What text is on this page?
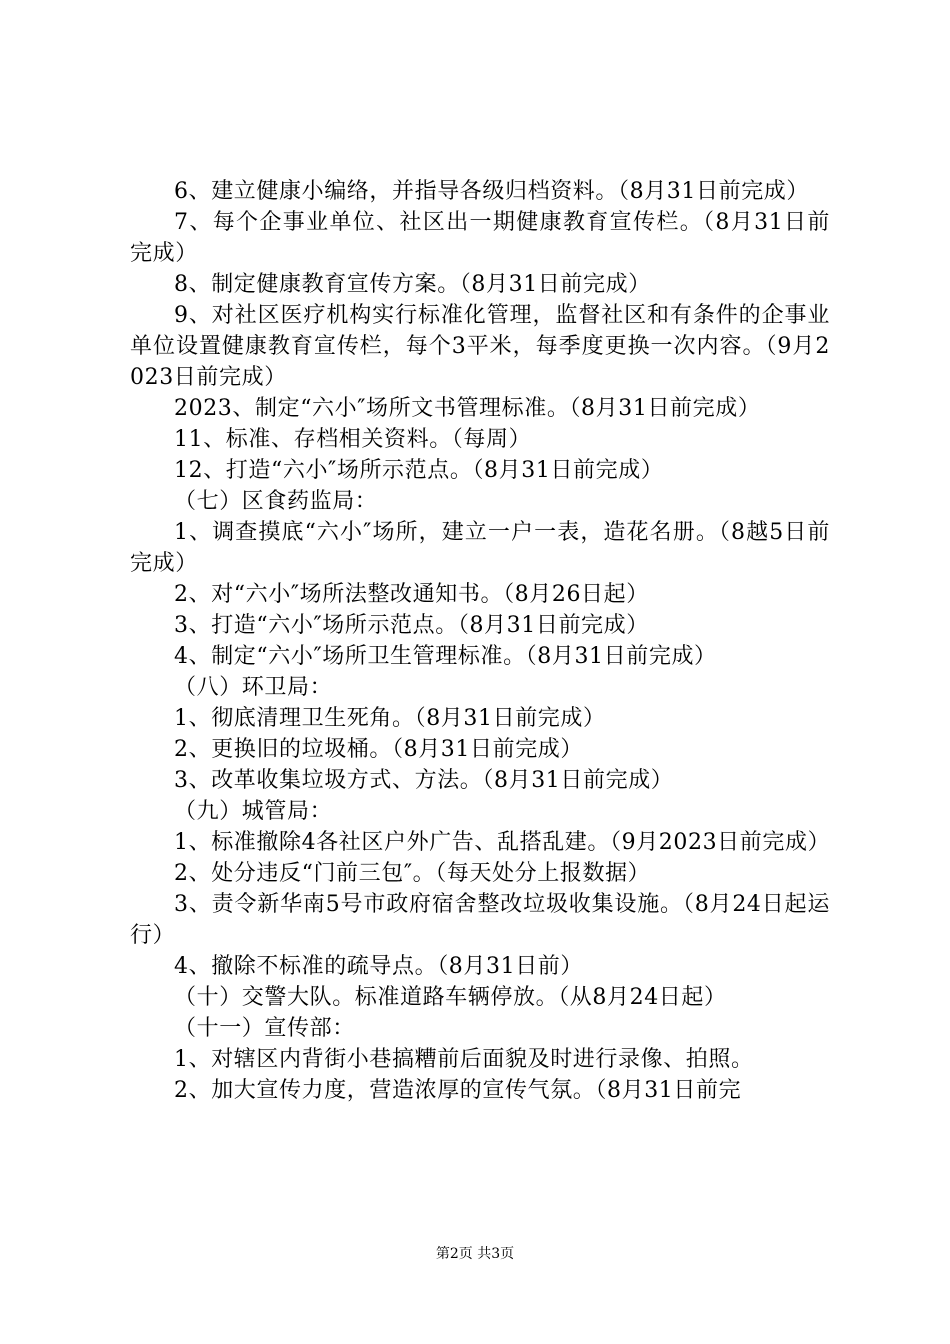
6、建立健康小编络，并指导各级归档资料。（8月31日前完成）

7、每个企事业单位、社区出一期健康教育宣传栏。（8月31日前完成）

8、制定健康教育宣传方案。（8月31日前完成）

9、对社区医疗机构实行标准化管理，监督社区和有条件的企事业单位设置健康教育宣传栏，每个3平米，每季度更换一次内容。（9月2023日前完成）

2023、制定“六小″场所文书管理标准。（8月31日前完成）

11、标准、存档相关资料。（每周）

12、打造“六小″场所示范点。（8月31日前完成）

（七）区食药监局：

1、调查摸底“六小″场所，建立一户一表，造花名册。（8越5日前完成）

2、对“六小″场所法整改通知书。（8月26日起）

3、打造“六小″场所示范点。（8月31日前完成）

4、制定“六小″场所卫生管理标准。（8月31日前完成）

（八）环卫局：

1、彻底清理卫生死角。（8月31日前完成）

2、更换旧的垃圾桶。（8月31日前完成）

3、改革收集垃圾方式、方法。（8月31日前完成）

（九）城管局：

1、标准撤除4各社区户外广告、乱搭乱建。（9月2023日前完成）

2、处分违反“门前三包″。（每天处分上报数据）

3、责令新华南5号市政府宿舍整改垃圾收集设施。（8月24日起运行）

4、撤除不标准的疏导点。（8月31日前）

（十）交警大队。标准道路车辆停放。（从8月24日起）

（十一）宣传部：

1、对辖区内背街小巷搞糟前后面貌及时进行录像、拍照。

2、加大宣传力度，营造浓厚的宣传气氛。（8月31日前完

第2页 共3页
